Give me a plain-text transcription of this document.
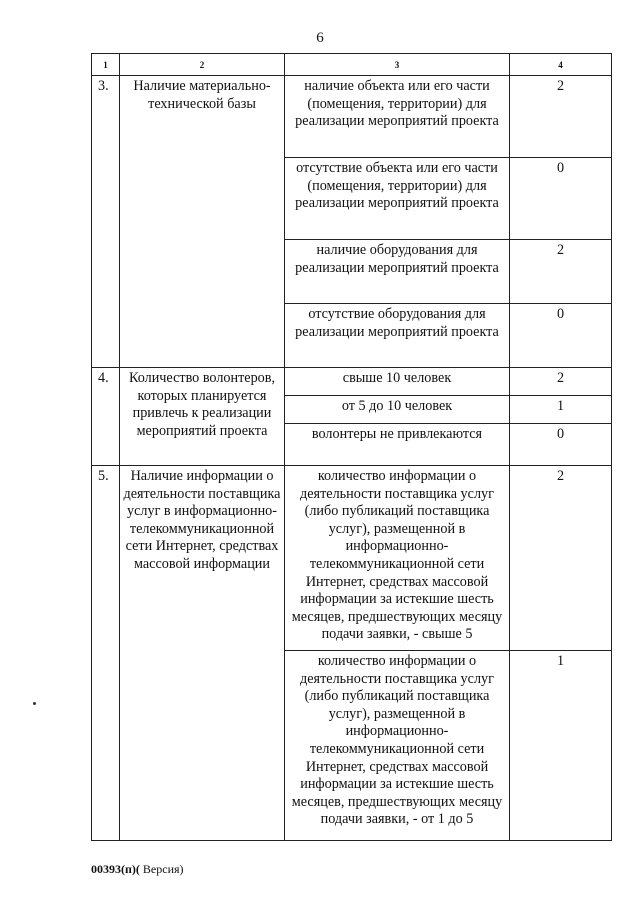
6
1	2	3	4
3.	Наличие материально-технической базы	наличие объекта или его части (помещения, территории) для реализации мероприятий проекта	2
		отсутствие объекта или его части (помещения, территории) для реализации мероприятий проекта	0
		наличие оборудования для реализации мероприятий проекта	2
		отсутствие оборудования для реализации мероприятий проекта	0
4.	Количество волонтеров, которых планируется привлечь к реализации мероприятий проекта	свыше 10 человек	2
		от 5 до 10 человек	1
		волонтеры не привлекаются	0
5.	Наличие информации о деятельности поставщика услуг в информационно-телекоммуникационной сети Интернет, средствах массовой информации	количество информации о деятельности поставщика услуг (либо публикаций поставщика услуг), размещенной в информационно-телекоммуникационной сети Интернет, средствах массовой информации за истекшие шесть месяцев, предшествующих месяцу подачи заявки, - свыше 5	2
		количество информации о деятельности поставщика услуг (либо публикаций поставщика услуг), размещенной в информационно-телекоммуникационной сети Интернет, средствах массовой информации за истекшие шесть месяцев, предшествующих месяцу подачи заявки, - от 1 до 5	1
00393(п)( Версия)
